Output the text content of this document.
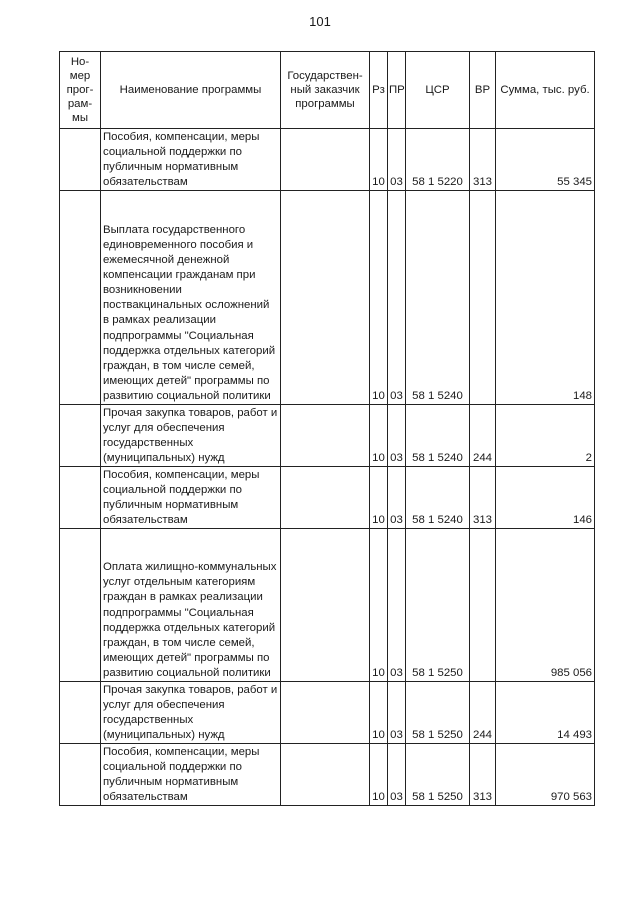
101
Но-мер прог-рам-мы	Наименование программы	Государствен-ный заказчик программы	Рз	ПР	ЦСР	ВР	Сумма, тыс. руб.
	Пособия, компенсации, меры социальной поддержки по публичным нормативным обязательствам		10	03	58 1 5220	313	55 345
	Выплата государственного единовременного пособия и ежемесячной денежной компенсации гражданам при возникновении поствакцинальных осложнений в рамках реализации подпрограммы "Социальная поддержка отдельных категорий граждан, в том числе семей, имеющих детей" программы по развитию социальной политики		10	03	58 1 5240		148
	Прочая закупка товаров, работ и услуг для обеспечения государственных (муниципальных) нужд		10	03	58 1 5240	244	2
	Пособия, компенсации, меры социальной поддержки по публичным нормативным обязательствам		10	03	58 1 5240	313	146
	Оплата жилищно-коммунальных услуг отдельным категориям граждан в рамках реализации подпрограммы "Социальная поддержка отдельных категорий граждан, в том числе семей, имеющих детей" программы по развитию социальной политики		10	03	58 1 5250		985 056
	Прочая закупка товаров, работ и услуг для обеспечения государственных (муниципальных) нужд		10	03	58 1 5250	244	14 493
	Пособия, компенсации, меры социальной поддержки по публичным нормативным обязательствам		10	03	58 1 5250	313	970 563
